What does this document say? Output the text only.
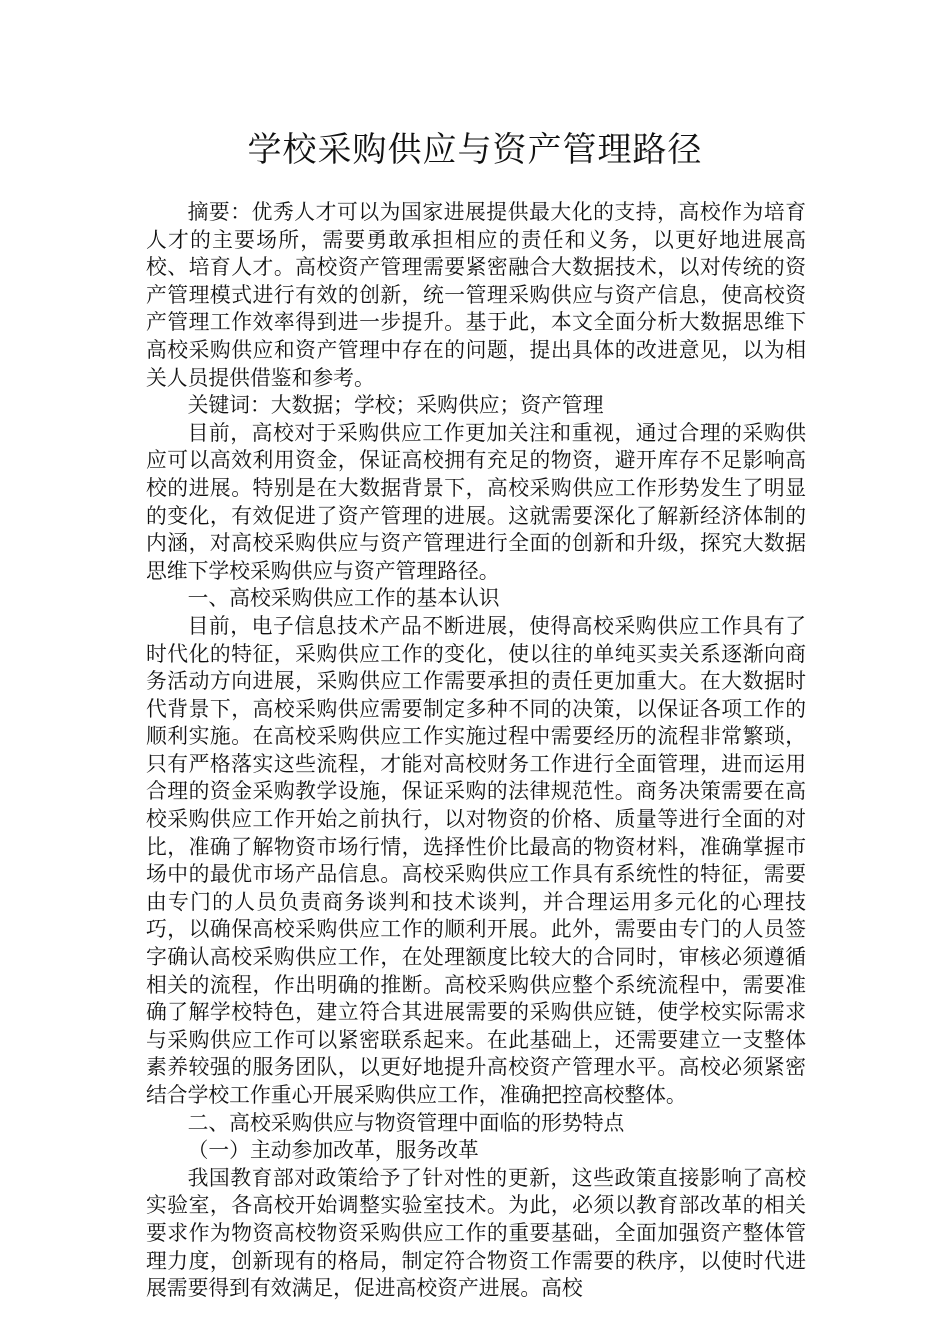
学校采购供应与资产管理路径

摘要：优秀人才可以为国家进展提供最大化的支持，高校作为培育人才的主要场所，需要勇敢承担相应的责任和义务，以更好地进展高校、培育人才。高校资产管理需要紧密融合大数据技术，以对传统的资产管理模式进行有效的创新，统一管理采购供应与资产信息，使高校资产管理工作效率得到进一步提升。基于此，本文全面分析大数据思维下高校采购供应和资产管理中存在的问题，提出具体的改进意见，以为相关人员提供借鉴和参考。

关键词：大数据；学校；采购供应；资产管理

目前，高校对于采购供应工作更加关注和重视，通过合理的采购供应可以高效利用资金，保证高校拥有充足的物资，避开库存不足影响高校的进展。特别是在大数据背景下，高校采购供应工作形势发生了明显的变化，有效促进了资产管理的进展。这就需要深化了解新经济体制的内涵，对高校采购供应与资产管理进行全面的创新和升级，探究大数据思维下学校采购供应与资产管理路径。

一、高校采购供应工作的基本认识

目前，电子信息技术产品不断进展，使得高校采购供应工作具有了时代化的特征，采购供应工作的变化，使以往的单纯买卖关系逐渐向商务活动方向进展，采购供应工作需要承担的责任更加重大。在大数据时代背景下，高校采购供应需要制定多种不同的决策，以保证各项工作的顺利实施。在高校采购供应工作实施过程中需要经历的流程非常繁琐，只有严格落实这些流程，才能对高校财务工作进行全面管理，进而运用合理的资金采购教学设施，保证采购的法律规范性。商务决策需要在高校采购供应工作开始之前执行，以对物资的价格、质量等进行全面的对比，准确了解物资市场行情，选择性价比最高的物资材料，准确掌握市场中的最优市场产品信息。高校采购供应工作具有系统性的特征，需要由专门的人员负责商务谈判和技术谈判，并合理运用多元化的心理技巧，以确保高校采购供应工作的顺利开展。此外，需要由专门的人员签字确认高校采购供应工作，在处理额度比较大的合同时，审核必须遵循相关的流程，作出明确的推断。高校采购供应整个系统流程中，需要准确了解学校特色，建立符合其进展需要的采购供应链，使学校实际需求与采购供应工作可以紧密联系起来。在此基础上，还需要建立一支整体素养较强的服务团队，以更好地提升高校资产管理水平。高校必须紧密结合学校工作重心开展采购供应工作，准确把控高校整体。

二、高校采购供应与物资管理中面临的形势特点

（一）主动参加改革，服务改革

我国教育部对政策给予了针对性的更新，这些政策直接影响了高校实验室，各高校开始调整实验室技术。为此，必须以教育部改革的相关要求作为物资高校物资采购供应工作的重要基础，全面加强资产整体管理力度，创新现有的格局，制定符合物资工作需要的秩序，以使时代进展需要得到有效满足，促进高校资产进展。高校
